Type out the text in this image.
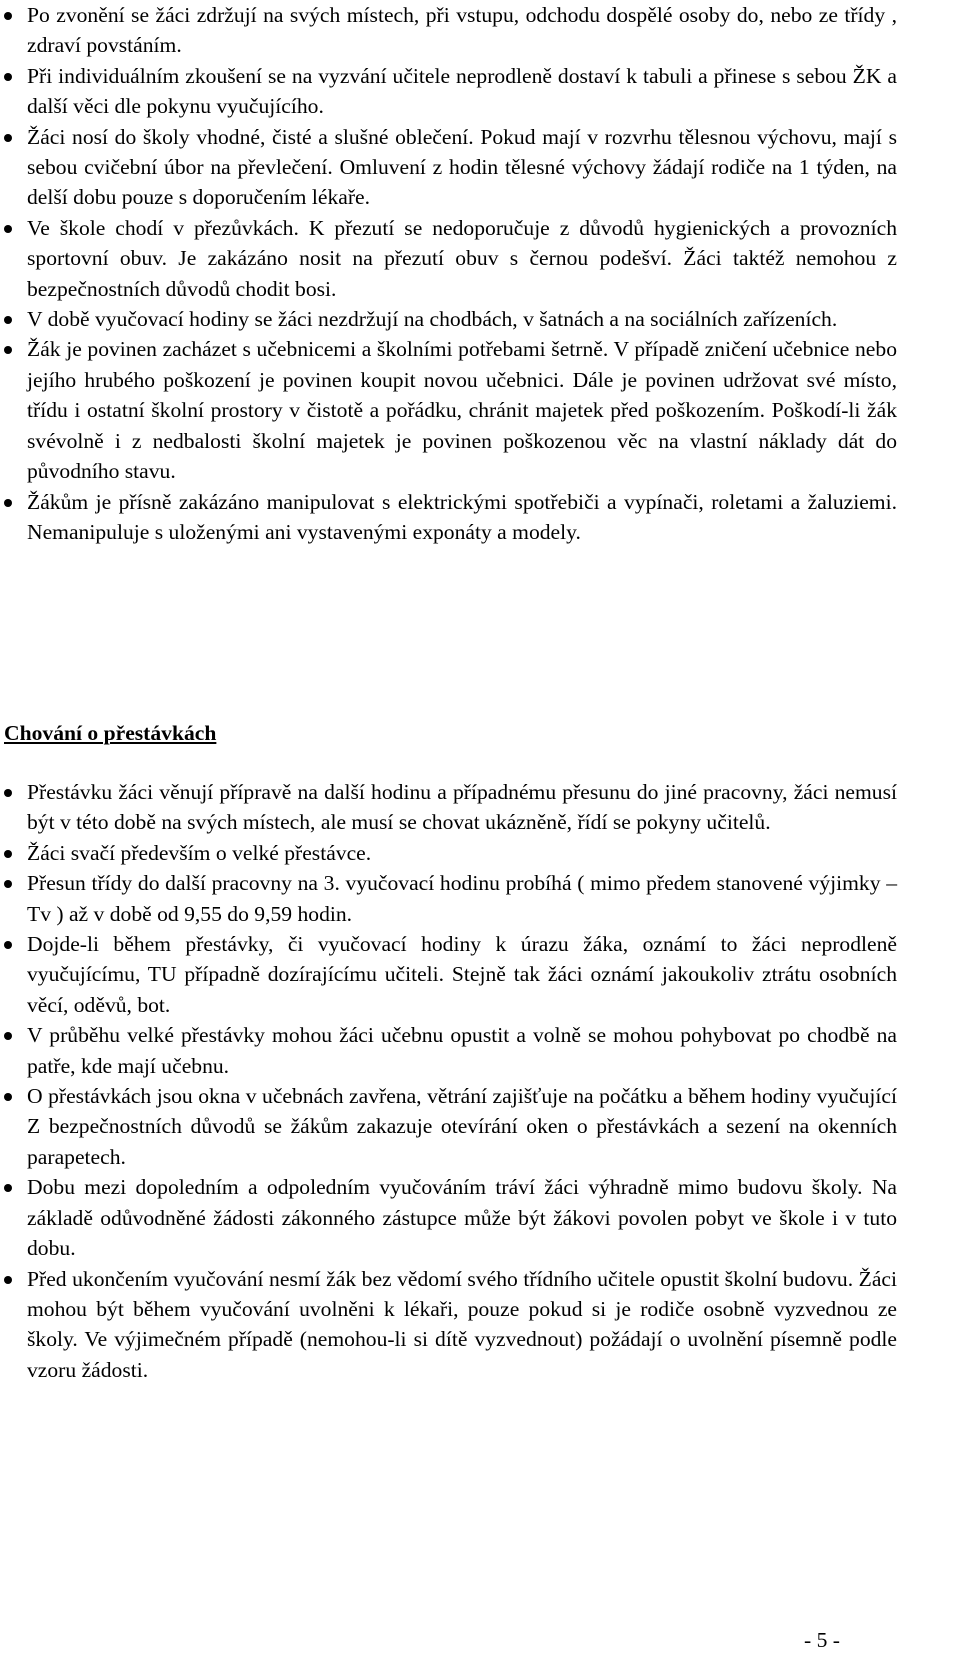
Po zvonění se žáci zdržují na svých místech, při vstupu, odchodu dospělé osoby do, nebo ze třídy , zdraví povstáním.
Při individuálním zkoušení se na vyzvání učitele neprodleně dostaví k tabuli a přinese s sebou ŽK a další věci dle pokynu vyučujícího.
Žáci nosí do školy vhodné, čisté a slušné oblečení. Pokud mají v rozvrhu tělesnou výchovu, mají s sebou cvičební úbor na převlečení. Omluvení z hodin tělesné výchovy žádají rodiče na 1 týden, na delší dobu pouze s doporučením lékaře.
Ve škole chodí v přezůvkách. K přezutí se nedoporučuje z důvodů hygienických a provozních sportovní obuv. Je zakázáno nosit na přezutí obuv s černou podešví. Žáci taktéž nemohou z bezpečnostních důvodů chodit bosi.
V době vyučovací hodiny se žáci nezdržují na chodbách, v šatnách a na sociálních zařízeních.
Žák je povinen zacházet s učebnicemi a školními potřebami šetrně. V případě zničení učebnice nebo jejího hrubého poškození je povinen koupit novou učebnici. Dále je povinen udržovat své místo, třídu i ostatní školní prostory v čistotě a pořádku, chránit majetek před poškozením. Poškodí-li žák svévolně i z nedbalosti školní majetek je povinen poškozenou věc na vlastní náklady dát do původního stavu.
Žákům je přísně zakázáno manipulovat s elektrickými spotřebiči a vypínači, roletami a žaluziemi. Nemanipuluje s uloženými ani vystavenými exponáty a modely.
Chování o přestávkách
Přestávku žáci věnují přípravě na další hodinu a případnému přesunu do jiné pracovny, žáci nemusí být v této době na svých místech, ale musí se chovat ukázněně, řídí se pokyny učitelů.
Žáci svačí především o velké přestávce.
Přesun třídy do další pracovny na 3. vyučovací hodinu probíhá ( mimo předem stanovené výjimky – Tv ) až v době od 9,55 do 9,59 hodin.
Dojde-li během přestávky, či vyučovací hodiny k úrazu žáka, oznámí to žáci neprodleně vyučujícímu, TU případně dozírajícímu učiteli. Stejně tak žáci oznámí jakoukoliv ztrátu osobních věcí, oděvů, bot.
V průběhu velké přestávky mohou žáci učebnu opustit a volně se mohou pohybovat po chodbě na patře, kde mají učebnu.
O přestávkách jsou okna v učebnách zavřena, větrání zajišťuje na počátku a během hodiny vyučující Z bezpečnostních důvodů se žákům zakazuje otevírání oken o přestávkách a sezení na okenních parapetech.
Dobu mezi dopoledním a odpoledním vyučováním tráví žáci výhradně mimo budovu školy. Na základě odůvodněné žádosti zákonného zástupce může být žákovi povolen pobyt ve škole i v tuto dobu.
Před ukončením vyučování nesmí žák bez vědomí svého třídního učitele opustit školní budovu. Žáci mohou být během vyučování uvolněni k lékaři, pouze pokud si je rodiče osobně vyzvednou ze školy. Ve výjimečném případě (nemohou-li si dítě vyzvednout) požádají o uvolnění písemně podle vzoru žádosti.
- 5 -
